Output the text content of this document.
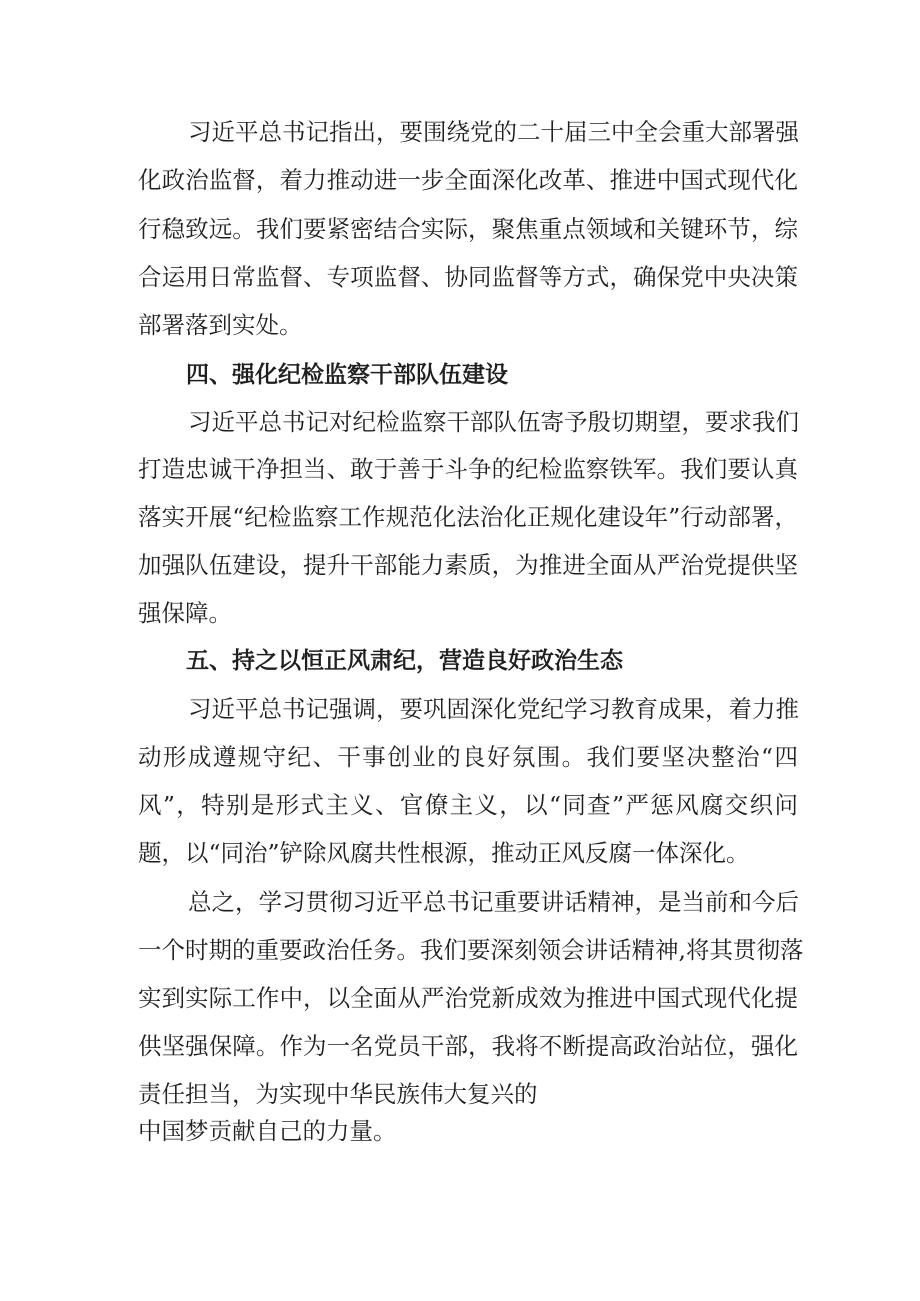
习近平总书记指出，要围绕党的二十届三中全会重大部署强
化政治监督，着力推动进一步全面深化改革、推进中国式现代化
行稳致远。我们要紧密结合实际，聚焦重点领域和关键环节，综
合运用日常监督、专项监督、协同监督等方式，确保党中央决策
部署落到实处。
四、强化纪检监察干部队伍建设
习近平总书记对纪检监察干部队伍寄予殷切期望，要求我们
打造忠诚干净担当、敢于善于斗争的纪检监察铁军。我们要认真
落实开展“纪检监察工作规范化法治化正规化建设年”行动部署，
加强队伍建设，提升干部能力素质，为推进全面从严治党提供坚
强保障。
五、持之以恒正风肃纪，营造良好政治生态
习近平总书记强调，要巩固深化党纪学习教育成果，着力推
动形成遵规守纪、干事创业的良好氛围。我们要坚决整治“四
风”，特别是形式主义、官僚主义，以“同查”严惩风腐交织问
题，以“同治”铲除风腐共性根源，推动正风反腐一体深化。
总之，学习贯彻习近平总书记重要讲话精神，是当前和今后
一个时期的重要政治任务。我们要深刻领会讲话精神,将其贯彻落
实到实际工作中，以全面从严治党新成效为推进中国式现代化提
供坚强保障。作为一名党员干部，我将不断提高政治站位，强化
责任担当，为实现中华民族伟大复兴的
中国梦贡献自己的力量。
